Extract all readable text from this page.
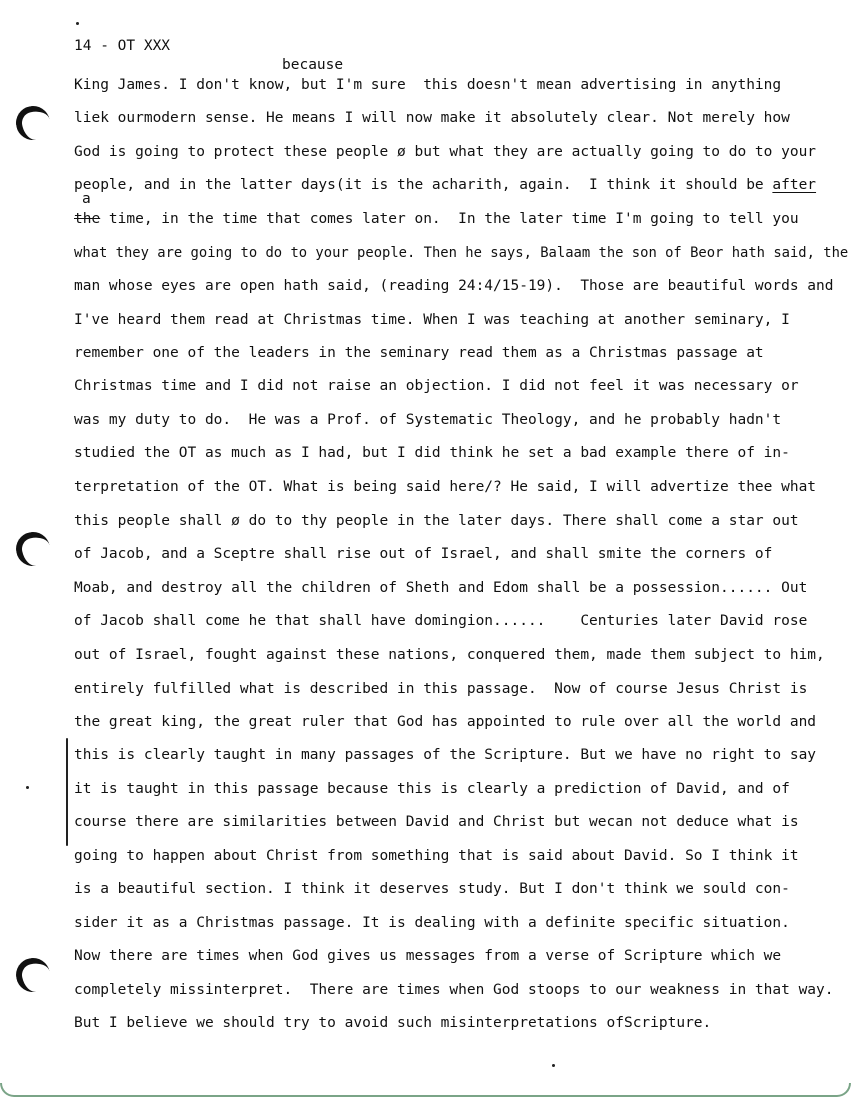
14 - OT XXX
because
a
King James. I don't know, but I'm sure  this doesn't mean advertising in anything
liek ourmodern sense. He means I will now make it absolutely clear. Not merely how
God is going to protect these people ø but what they are actually going to do to your
people, and in the latter days(it is the acharith, again.  I think it should be after
the time, in the time that comes later on.  In the later time I'm going to tell you
what they are going to do to your people. Then he says, Balaam the son of Beor hath said, the
man whose eyes are open hath said, (reading 24:4/15-19).  Those are beautiful words and
I've heard them read at Christmas time. When I was teaching at another seminary, I
remember one of the leaders in the seminary read them as a Christmas passage at
Christmas time and I did not raise an objection. I did not feel it was necessary or
was my duty to do.  He was a Prof. of Systematic Theology, and he probably hadn't
studied the OT as much as I had, but I did think he set a bad example there of in-
terpretation of the OT. What is being said here/? He said, I will advertize thee what
this people shall ø do to thy people in the later days. There shall come a star out
of Jacob, and a Sceptre shall rise out of Israel, and shall smite the corners of
Moab, and destroy all the children of Sheth and Edom shall be a possession...... Out
of Jacob shall come he that shall have domingion......    Centuries later David rose
out of Israel, fought against these nations, conquered them, made them subject to him,
entirely fulfilled what is described in this passage.  Now of course Jesus Christ is
the great king, the great ruler that God has appointed to rule over all the world and
this is clearly taught in many passages of the Scripture. But we have no right to say
it is taught in this passage because this is clearly a prediction of David, and of
course there are similarities between David and Christ but wecan not deduce what is
going to happen about Christ from something that is said about David. So I think it
is a beautiful section. I think it deserves study. But I don't think we sould con-
sider it as a Christmas passage. It is dealing with a definite specific situation.
Now there are times when God gives us messages from a verse of Scripture which we
completely missinterpret.  There are times when God stoops to our weakness in that way.
But I believe we should try to avoid such misinterpretations ofScripture.
